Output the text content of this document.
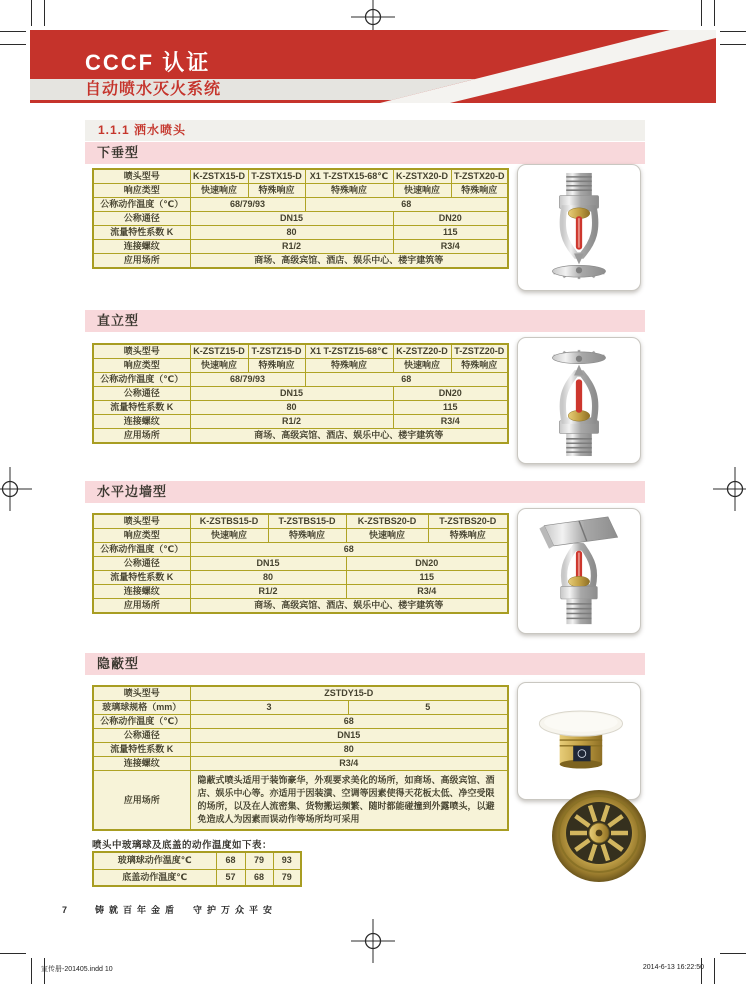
CCCF 认证
自动喷水灭火系统
1.1.1 洒水喷头
下垂型
喷头型号	K-ZSTX15-D	T-ZSTX15-D	X1 T-ZSTX15-68℃	K-ZSTX20-D	T-ZSTX20-D
响应类型	快速响应	特殊响应	特殊响应	快速响应	特殊响应
公称动作温度（℃）	68/79/93		68		
公称通径	DN15			DN20	
流量特性系数 K	80			115	
连接螺纹	R1/2			R3/4	
应用场所	商场、高级宾馆、酒店、娱乐中心、楼宇建筑等				
直立型
喷头型号	K-ZSTZ15-D	T-ZSTZ15-D	X1 T-ZSTZ15-68℃	K-ZSTZ20-D	T-ZSTZ20-D
响应类型	快速响应	特殊响应	特殊响应	快速响应	特殊响应
公称动作温度（℃）	68/79/93		68		
公称通径	DN15			DN20	
流量特性系数 K	80			115	
连接螺纹	R1/2			R3/4	
应用场所	商场、高级宾馆、酒店、娱乐中心、楼宇建筑等				
水平边墙型
喷头型号	K-ZSTBS15-D	T-ZSTBS15-D	K-ZSTBS20-D	T-ZSTBS20-D
响应类型	快速响应	特殊响应	快速响应	特殊响应
公称动作温度（℃）	68			
公称通径	DN15		DN20	
流量特性系数 K	80		115	
连接螺纹	R1/2		R3/4	
应用场所	商场、高级宾馆、酒店、娱乐中心、楼宇建筑等			
隐蔽型
喷头型号	ZSTDY15-D	
玻璃球规格（mm）	3	5
公称动作温度（℃）	68	
公称通径	DN15	
流量特性系数 K	80	
连接螺纹	R3/4	
应用场所	隐蔽式喷头适用于装饰豪华，外观要求美化的场所，如商场、高级宾馆、酒店、娱乐中心等。亦适用于因装潢、空调等因素使得天花板太低、净空受限的场所，以及在人流密集、货物搬运频繁、随时都能碰撞到外露喷头，以避免造成人为因素而误动作等场所均可采用	
喷头中玻璃球及底盖的动作温度如下表：
玻璃球动作温度℃	68	79	93
底盖动作温度℃	57	68	79
7	铸就百年金盾　守护万众平安
宣传册-201405.indd 10	2014-6-13 16:22:50
